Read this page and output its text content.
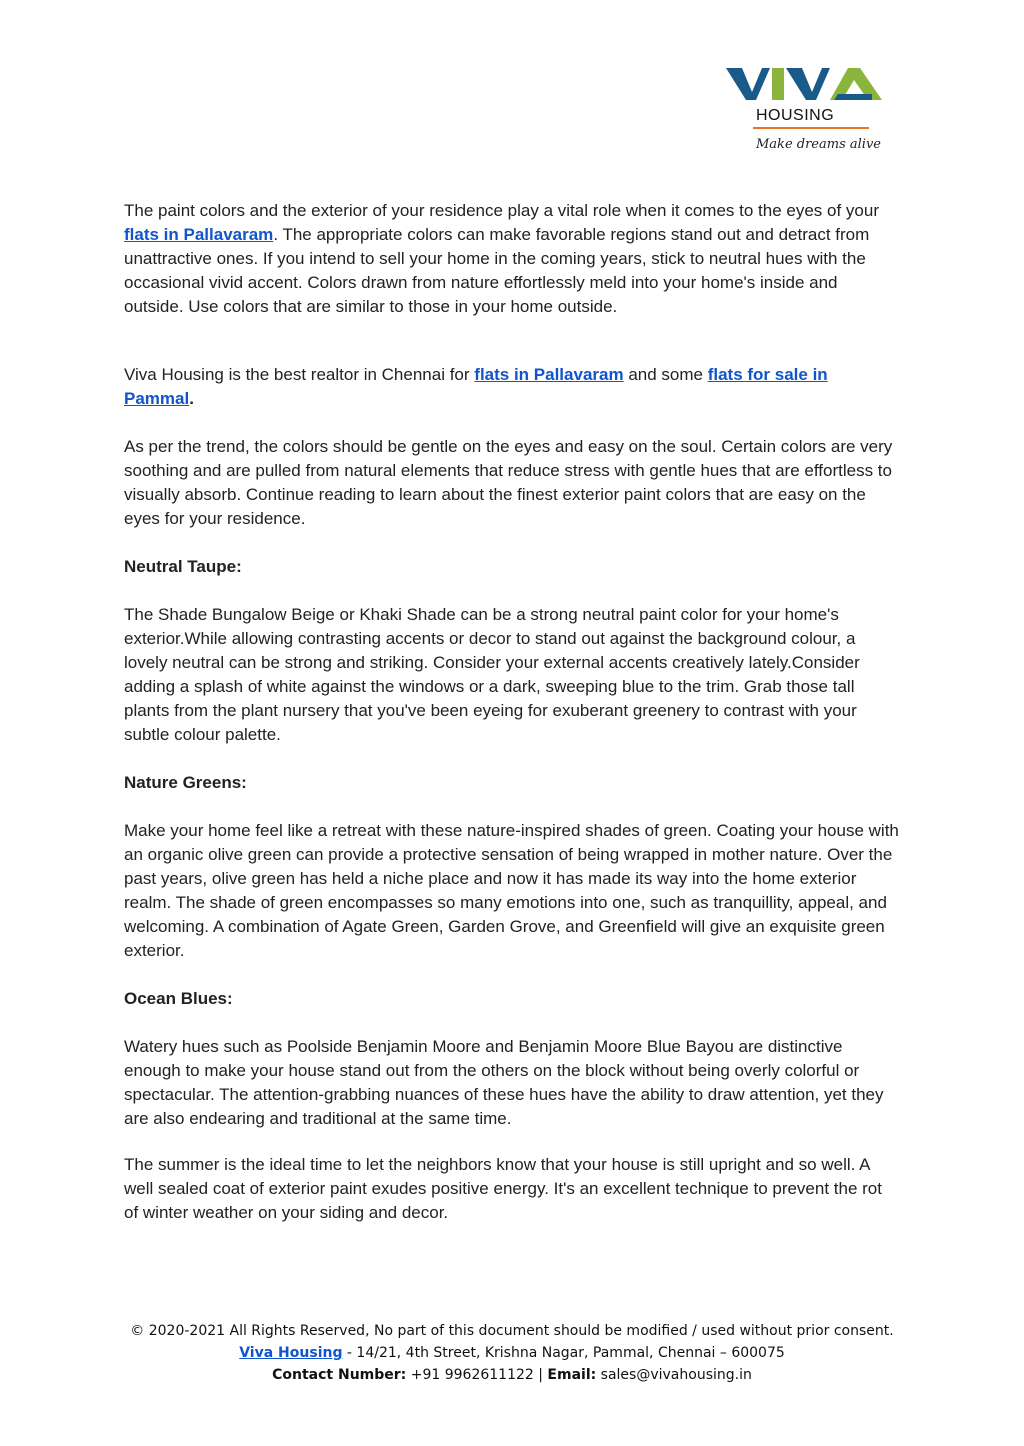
HOUSING
Make dreams alive

The paint colors and the exterior of your residence play a vital role when it comes to the eyes of your flats in Pallavaram. The appropriate colors can make favorable regions stand out and detract from unattractive ones. If you intend to sell your home in the coming years, stick to neutral hues with the occasional vivid accent. Colors drawn from nature effortlessly meld into your home's inside and outside. Use colors that are similar to those in your home outside.

Viva Housing is the best realtor in Chennai for flats in Pallavaram and some flats for sale in Pammal.

As per the trend, the colors should be gentle on the eyes and easy on the soul. Certain colors are very soothing and are pulled from natural elements that reduce stress with gentle hues that are effortless to visually absorb. Continue reading to learn about the finest exterior paint colors that are easy on the eyes for your residence.

Neutral Taupe:

The Shade Bungalow Beige or Khaki Shade can be a strong neutral paint color for your home's exterior.While allowing contrasting accents or decor to stand out against the background colour, a lovely neutral can be strong and striking. Consider your external accents creatively lately.Consider adding a splash of white against the windows or a dark, sweeping blue to the trim. Grab those tall plants from the plant nursery that you've been eyeing for exuberant greenery to contrast with your subtle colour palette.

Nature Greens:

Make your home feel like a retreat with these nature-inspired shades of green. Coating your house with an organic olive green can provide a protective sensation of being wrapped in mother nature. Over the past years, olive green has held a niche place and now it has made its way into the home exterior realm. The shade of green encompasses so many emotions into one, such as tranquillity, appeal, and welcoming. A combination of Agate Green, Garden Grove, and Greenfield will give an exquisite green exterior.

Ocean Blues:

Watery hues such as Poolside Benjamin Moore and Benjamin Moore Blue Bayou are distinctive enough to make your house stand out from the others on the block without being overly colorful or spectacular. The attention-grabbing nuances of these hues have the ability to draw attention, yet they are also endearing and traditional at the same time.

The summer is the ideal time to let the neighbors know that your house is still upright and so well. A well sealed coat of exterior paint exudes positive energy. It's an excellent technique to prevent the rot of winter weather on your siding and decor.

© 2020-2021 All Rights Reserved, No part of this document should be modified / used without prior consent.
Viva Housing - 14/21, 4th Street, Krishna Nagar, Pammal, Chennai – 600075
Contact Number: +91 9962611122 | Email: sales@vivahousing.in
